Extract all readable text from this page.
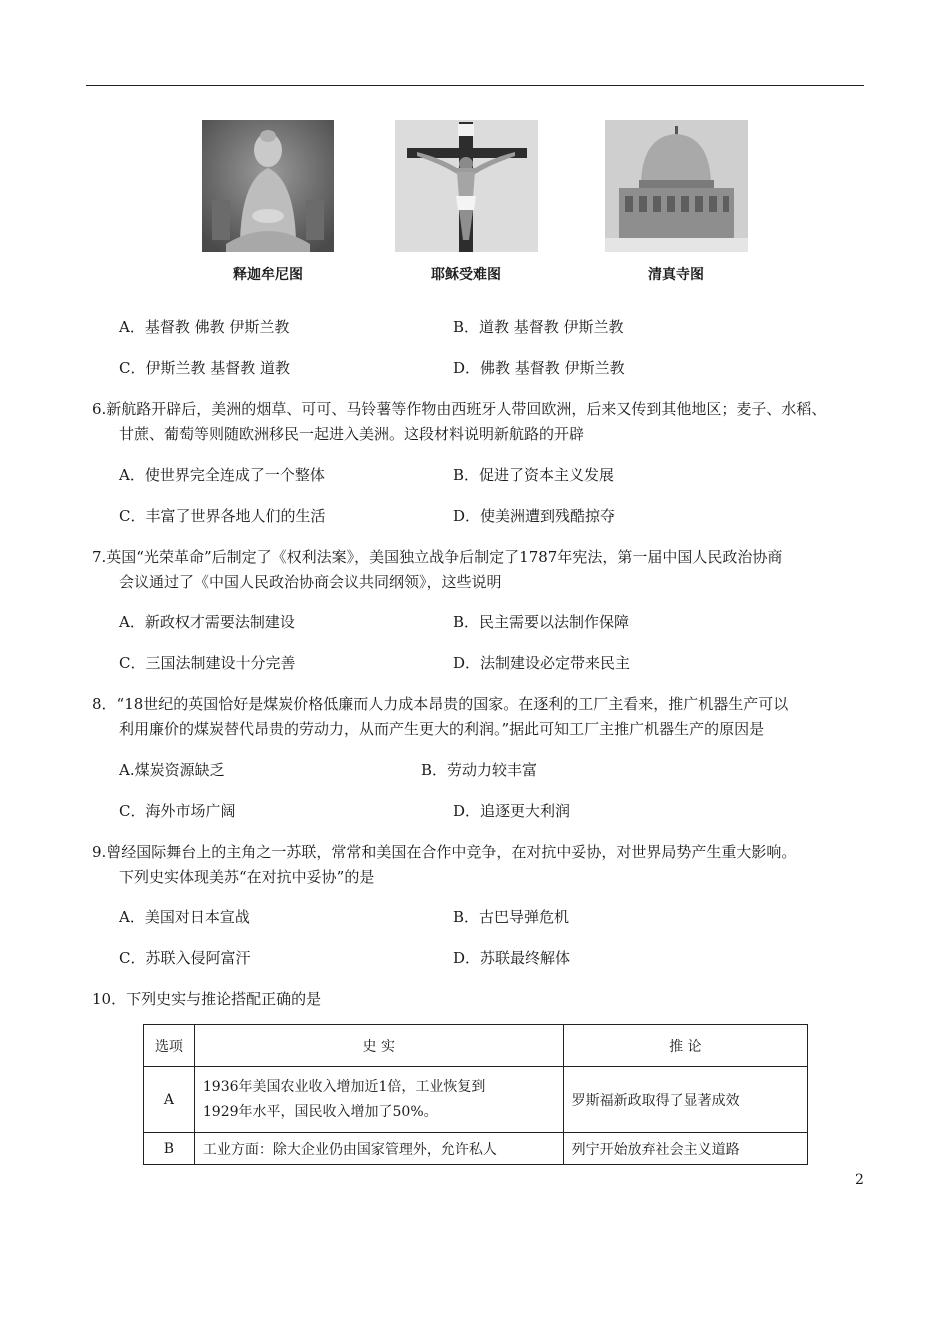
释迦牟尼图	耶稣受难图	清真寺图
A．基督教 佛教 伊斯兰教	B．道教 基督教 伊斯兰教
C．伊斯兰教 基督教 道教	D．佛教 基督教 伊斯兰教
6.新航路开辟后，美洲的烟草、可可、马铃薯等作物由西班牙人带回欧洲，后来又传到其他地区；麦子、水稻、
甘蔗、葡萄等则随欧洲移民一起进入美洲。这段材料说明新航路的开辟
A．使世界完全连成了一个整体	B．促进了资本主义发展
C．丰富了世界各地人们的生活	D．使美洲遭到残酷掠夺
7.英国“光荣革命”后制定了《权利法案》，美国独立战争后制定了1787年宪法，第一届中国人民政治协商
会议通过了《中国人民政治协商会议共同纲领》，这些说明
A．新政权才需要法制建设	B．民主需要以法制作保障
C．三国法制建设十分完善	D．法制建设必定带来民主
8．“18世纪的英国恰好是煤炭价格低廉而人力成本昂贵的国家。在逐利的工厂主看来，推广机器生产可以
利用廉价的煤炭替代昂贵的劳动力，从而产生更大的利润。”据此可知工厂主推广机器生产的原因是
A.煤炭资源缺乏	B．劳动力较丰富
C．海外市场广阔	D．追逐更大利润
9.曾经国际舞台上的主角之一苏联，常常和美国在合作中竞争，在对抗中妥协，对世界局势产生重大影响。
下列史实体现美苏“在对抗中妥协”的是
A．美国对日本宣战	B．古巴导弹危机
C．苏联入侵阿富汗	D．苏联最终解体
10．下列史实与推论搭配正确的是
选项	史 实	推 论
A	1936年美国农业收入增加近1倍，工业恢复到
1929年水平，国民收入增加了50%。	罗斯福新政取得了显著成效
B	工业方面：除大企业仍由国家管理外，允许私人	列宁开始放弃社会主义道路
2
